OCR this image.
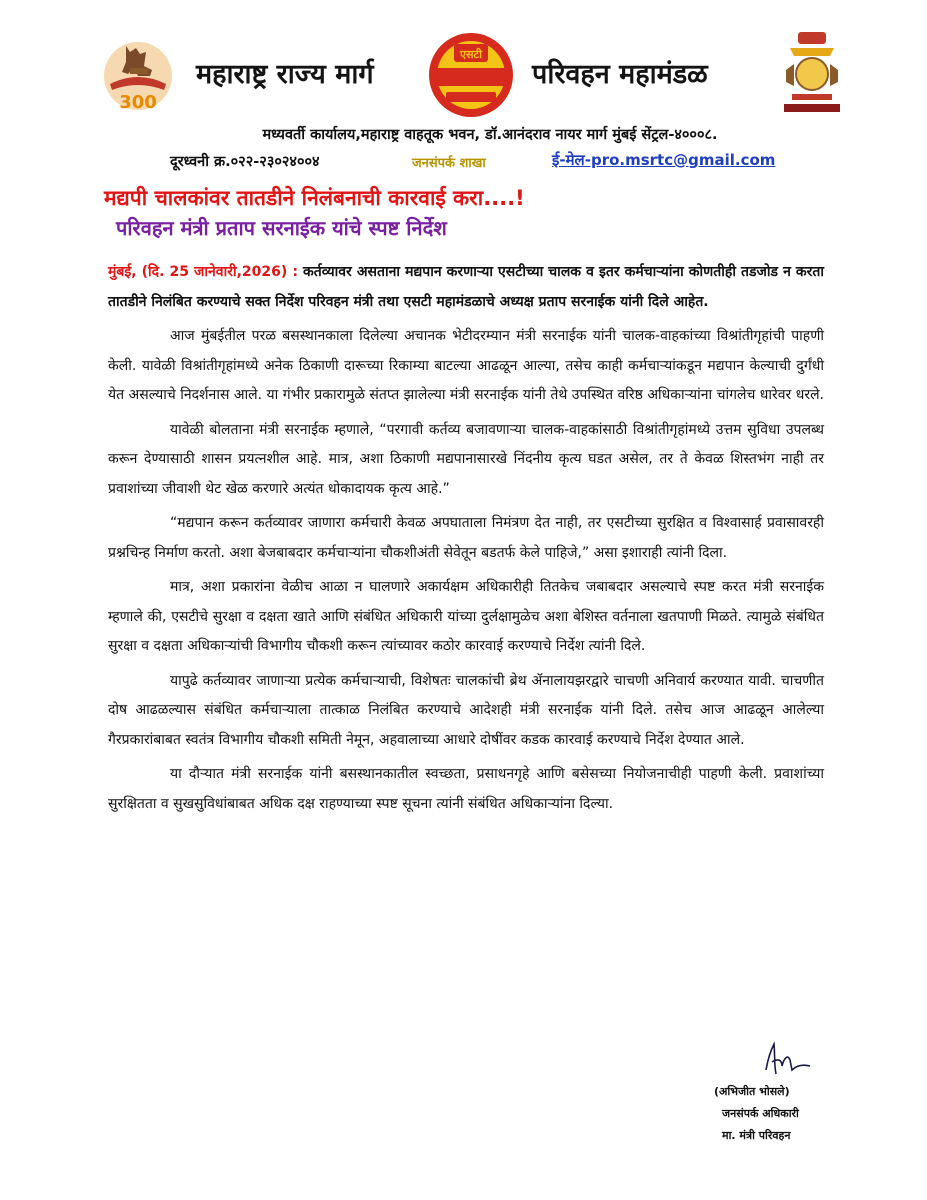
300
महाराष्ट्र राज्य मार्ग
एसटी
परिवहन महामंडळ
मध्यवर्ती कार्यालय,महाराष्ट्र वाहतूक भवन, डॉ.आनंदराव नायर मार्ग मुंबई सेंट्रल-४०००८.
दूरध्वनी क्र.०२२-२३०२४००४	जनसंपर्क शाखा	ई-मेल-pro.msrtc@gmail.com
मद्यपी चालकांवर तातडीने निलंबनाची कारवाई करा....!
परिवहन मंत्री प्रताप सरनाईक यांचे स्पष्ट निर्देश

मुंबई, (दि. 25 जानेवारी,2026) : कर्तव्यावर असताना मद्यपान करणाऱ्या एसटीच्या चालक व इतर कर्मचाऱ्यांना कोणतीही तडजोड न करता तातडीने निलंबित करण्याचे सक्त निर्देश परिवहन मंत्री तथा एसटी महामंडळाचे अध्यक्ष प्रताप सरनाईक यांनी दिले आहेत.

आज मुंबईतील परळ बसस्थानकाला दिलेल्या अचानक भेटीदरम्यान मंत्री सरनाईक यांनी चालक-वाहकांच्या विश्रांतीगृहांची पाहणी केली. यावेळी विश्रांतीगृहांमध्ये अनेक ठिकाणी दारूच्या रिकाम्या बाटल्या आढळून आल्या, तसेच काही कर्मचाऱ्यांकडून मद्यपान केल्याची दुर्गंधी येत असल्याचे निदर्शनास आले. या गंभीर प्रकारामुळे संतप्त झालेल्या मंत्री सरनाईक यांनी तेथे उपस्थित वरिष्ठ अधिकाऱ्यांना चांगलेच धारेवर धरले.

यावेळी बोलताना मंत्री सरनाईक म्हणाले, “परगावी कर्तव्य बजावणाऱ्या चालक-वाहकांसाठी विश्रांतीगृहांमध्ये उत्तम सुविधा उपलब्ध करून देण्यासाठी शासन प्रयत्नशील आहे. मात्र, अशा ठिकाणी मद्यपानासारखे निंदनीय कृत्य घडत असेल, तर ते केवळ शिस्तभंग नाही तर प्रवाशांच्या जीवाशी थेट खेळ करणारे अत्यंत धोकादायक कृत्य आहे.”

“मद्यपान करून कर्तव्यावर जाणारा कर्मचारी केवळ अपघाताला निमंत्रण देत नाही, तर एसटीच्या सुरक्षित व विश्वासार्ह प्रवासावरही प्रश्नचिन्ह निर्माण करतो. अशा बेजबाबदार कर्मचाऱ्यांना चौकशीअंती सेवेतून बडतर्फ केले पाहिजे,” असा इशाराही त्यांनी दिला.

मात्र, अशा प्रकारांना वेळीच आळा न घालणारे अकार्यक्षम अधिकारीही तितकेच जबाबदार असल्याचे स्पष्ट करत मंत्री सरनाईक म्हणाले की, एसटीचे सुरक्षा व दक्षता खाते आणि संबंधित अधिकारी यांच्या दुर्लक्षामुळेच अशा बेशिस्त वर्तनाला खतपाणी मिळते. त्यामुळे संबंधित सुरक्षा व दक्षता अधिकाऱ्यांची विभागीय चौकशी करून त्यांच्यावर कठोर कारवाई करण्याचे निर्देश त्यांनी दिले.

यापुढे कर्तव्यावर जाणाऱ्या प्रत्येक कर्मचाऱ्याची, विशेषतः चालकांची ब्रेथ ॲनालायझरद्वारे चाचणी अनिवार्य करण्यात यावी. चाचणीत दोष आढळल्यास संबंधित कर्मचाऱ्याला तात्काळ निलंबित करण्याचे आदेशही मंत्री सरनाईक यांनी दिले. तसेच आज आढळून आलेल्या गैरप्रकारांबाबत स्वतंत्र विभागीय चौकशी समिती नेमून, अहवालाच्या आधारे दोषींवर कडक कारवाई करण्याचे निर्देश देण्यात आले.

या दौऱ्यात मंत्री सरनाईक यांनी बसस्थानकातील स्वच्छता, प्रसाधनगृहे आणि बसेसच्या नियोजनाचीही पाहणी केली. प्रवाशांच्या सुरक्षितता व सुखसुविधांबाबत अधिक दक्ष राहण्याच्या स्पष्ट सूचना त्यांनी संबंधित अधिकाऱ्यांना दिल्या.

(अभिजीत भोसले)
जनसंपर्क अधिकारी
मा. मंत्री परिवहन
